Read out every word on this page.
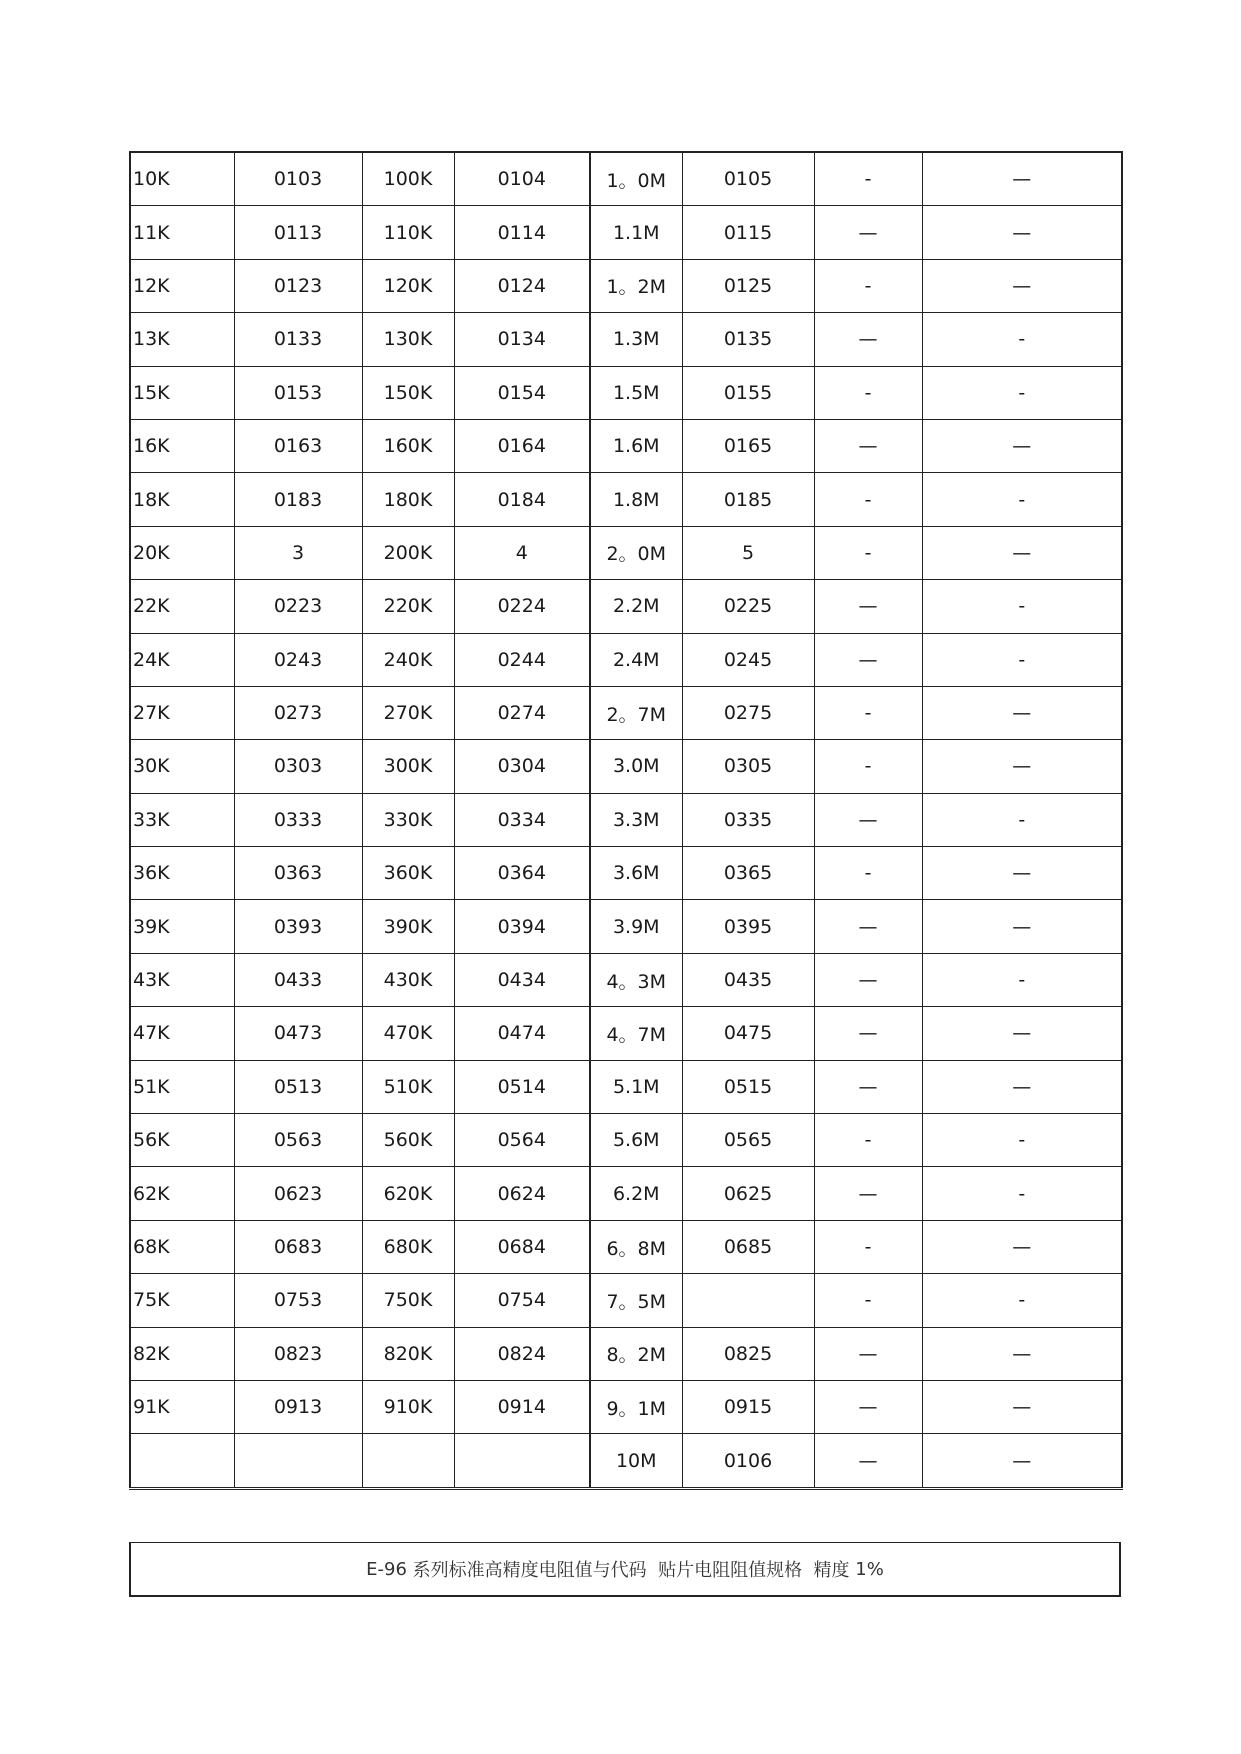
10K	0103	100K	0104	1。0M	0105	-	—
11K	0113	110K	0114	1.1M	0115	—	—
12K	0123	120K	0124	1。2M	0125	-	—
13K	0133	130K	0134	1.3M	0135	—	-
15K	0153	150K	0154	1.5M	0155	-	-
16K	0163	160K	0164	1.6M	0165	—	—
18K	0183	180K	0184	1.8M	0185	-	-
20K	3	200K	4	2。0M	5	-	—
22K	0223	220K	0224	2.2M	0225	—	-
24K	0243	240K	0244	2.4M	0245	—	-
27K	0273	270K	0274	2。7M	0275	-	—
30K	0303	300K	0304	3.0M	0305	-	—
33K	0333	330K	0334	3.3M	0335	—	-
36K	0363	360K	0364	3.6M	0365	-	—
39K	0393	390K	0394	3.9M	0395	—	—
43K	0433	430K	0434	4。3M	0435	—	-
47K	0473	470K	0474	4。7M	0475	—	—
51K	0513	510K	0514	5.1M	0515	—	—
56K	0563	560K	0564	5.6M	0565	-	-
62K	0623	620K	0624	6.2M	0625	—	-
68K	0683	680K	0684	6。8M	0685	-	—
75K	0753	750K	0754	7。5M		-	-
82K	0823	820K	0824	8。2M	0825	—	—
91K	0913	910K	0914	9。1M	0915	—	—
				10M	0106	—	—
E-96 系列标准高精度电阻值与代码  贴片电阻阻值规格  精度 1%
